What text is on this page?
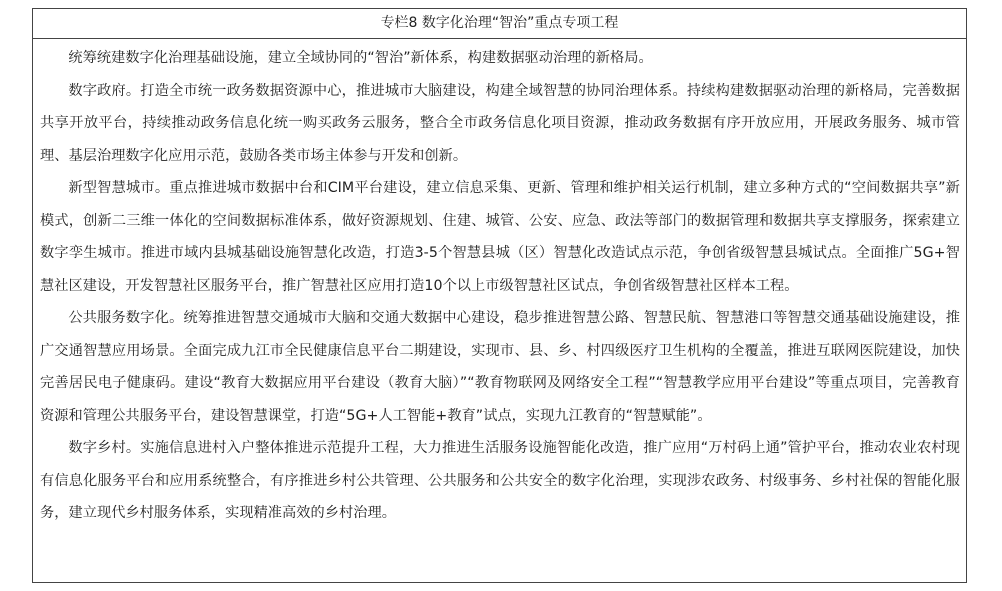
专栏8 数字化治理“智治”重点专项工程

统筹统建数字化治理基础设施，建立全域协同的“智治”新体系，构建数据驱动治理的新格局。

数字政府。打造全市统一政务数据资源中心，推进城市大脑建设，构建全域智慧的协同治理体系。持续构建数据驱动治理的新格局，完善数据共享开放平台，持续推动政务信息化统一购买政务云服务，整合全市政务信息化项目资源，推动政务数据有序开放应用，开展政务服务、城市管理、基层治理数字化应用示范，鼓励各类市场主体参与开发和创新。

新型智慧城市。重点推进城市数据中台和CIM平台建设，建立信息采集、更新、管理和维护相关运行机制，建立多种方式的“空间数据共享”新模式，创新二三维一体化的空间数据标准体系，做好资源规划、住建、城管、公安、应急、政法等部门的数据管理和数据共享支撑服务，探索建立数字孪生城市。推进市域内县城基础设施智慧化改造，打造3-5个智慧县城（区）智慧化改造试点示范，争创省级智慧县城试点。全面推广5G+智慧社区建设，开发智慧社区服务平台，推广智慧社区应用打造10个以上市级智慧社区试点，争创省级智慧社区样本工程。

公共服务数字化。统筹推进智慧交通城市大脑和交通大数据中心建设，稳步推进智慧公路、智慧民航、智慧港口等智慧交通基础设施建设，推广交通智慧应用场景。全面完成九江市全民健康信息平台二期建设，实现市、县、乡、村四级医疗卫生机构的全覆盖，推进互联网医院建设，加快完善居民电子健康码。建设“教育大数据应用平台建设（教育大脑）”“教育物联网及网络安全工程”“智慧教学应用平台建设”等重点项目，完善教育资源和管理公共服务平台，建设智慧课堂，打造“5G+人工智能+教育”试点，实现九江教育的“智慧赋能”。

数字乡村。实施信息进村入户整体推进示范提升工程，大力推进生活服务设施智能化改造，推广应用“万村码上通”管护平台，推动农业农村现有信息化服务平台和应用系统整合，有序推进乡村公共管理、公共服务和公共安全的数字化治理，实现涉农政务、村级事务、乡村社保的智能化服务，建立现代乡村服务体系，实现精准高效的乡村治理。
